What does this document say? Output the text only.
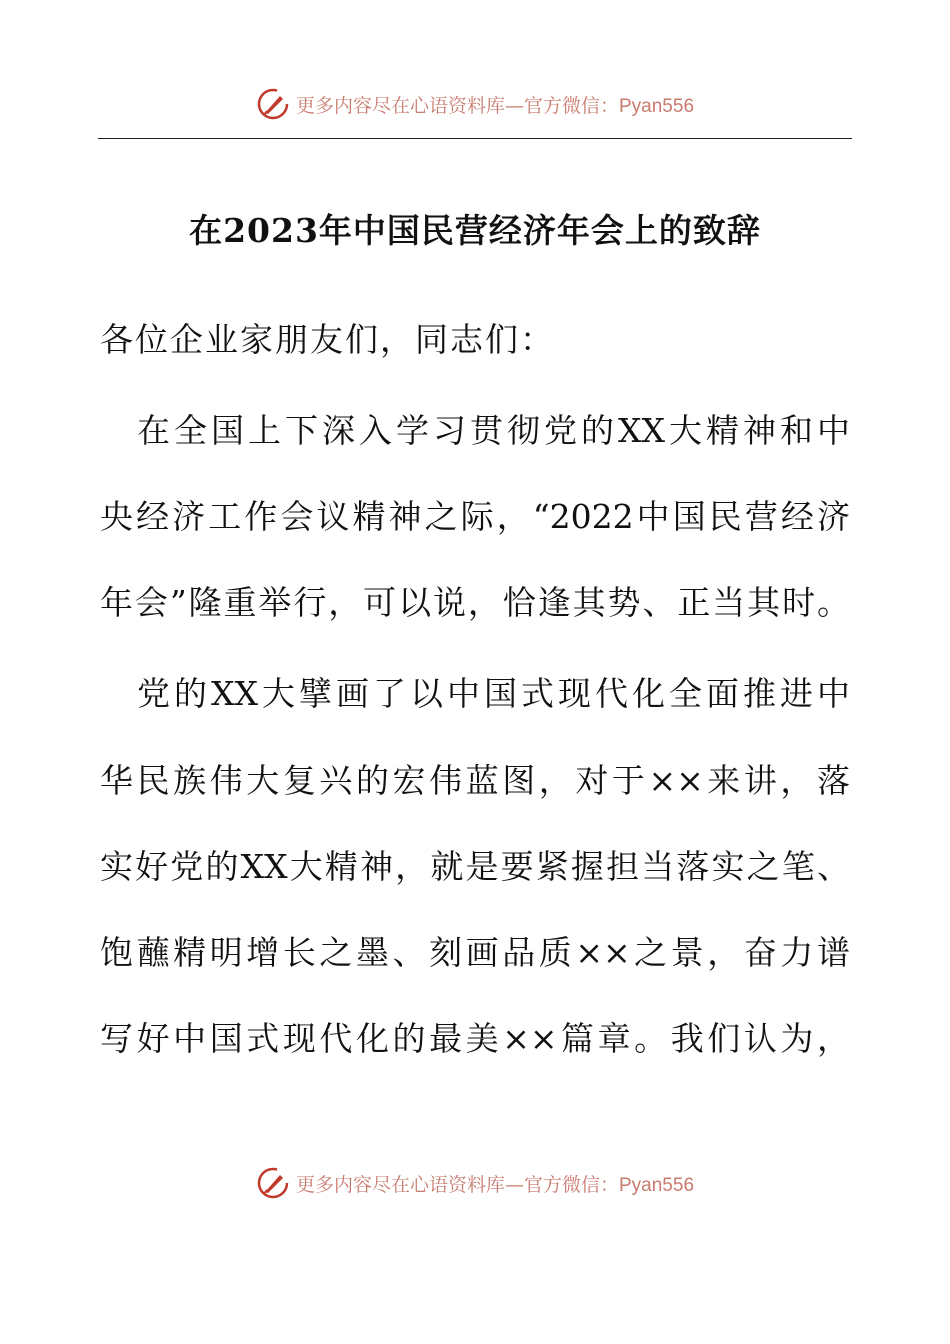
更多内容尽在心语资料库—官方微信：Pyan556
在2023年中国民营经济年会上的致辞
各位企业家朋友们，同志们：
　在全国上下深入学习贯彻党的XX大精神和中
央经济工作会议精神之际，“2022中国民营经济
年会”隆重举行，可以说，恰逢其势、正当其时。
　党的XX大擘画了以中国式现代化全面推进中
华民族伟大复兴的宏伟蓝图，对于××来讲，落
实好党的XX大精神，就是要紧握担当落实之笔、
饱蘸精明增长之墨、刻画品质××之景，奋力谱
写好中国式现代化的最美××篇章。我们认为，
更多内容尽在心语资料库—官方微信：Pyan556
